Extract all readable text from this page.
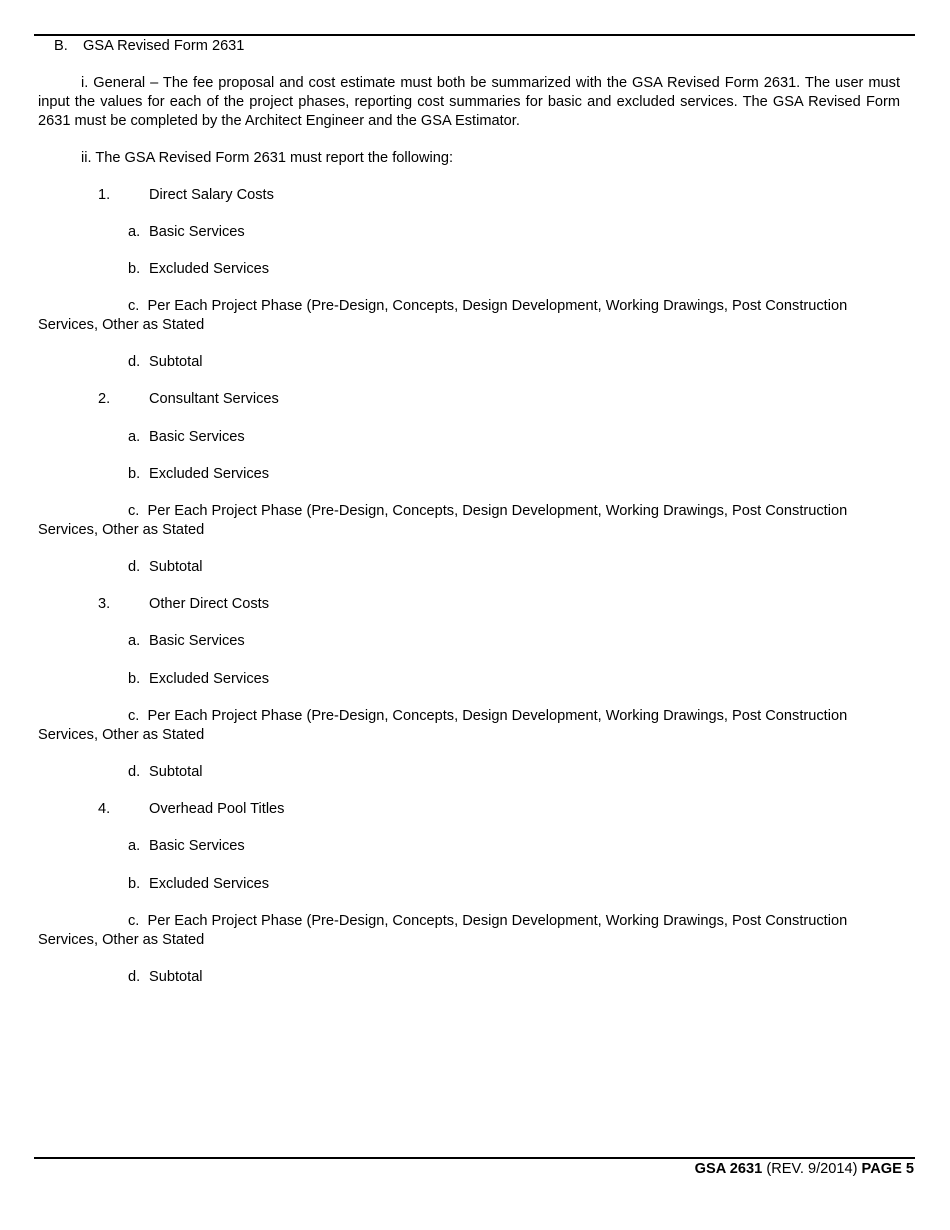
B. GSA Revised Form 2631
i. General – The fee proposal and cost estimate must both be summarized with the GSA Revised Form 2631. The user must input the values for each of the project phases, reporting cost summaries for basic and excluded services. The GSA Revised Form 2631 must be completed by the Architect Engineer and the GSA Estimator.
ii. The GSA Revised Form 2631 must report the following:
1.	Direct Salary Costs
a. Basic Services
b. Excluded Services
c. Per Each Project Phase (Pre-Design, Concepts, Design Development, Working Drawings, Post Construction Services, Other as Stated
d. Subtotal
2.	Consultant Services
a. Basic Services
b. Excluded Services
c. Per Each Project Phase (Pre-Design, Concepts, Design Development, Working Drawings, Post Construction Services, Other as Stated
d. Subtotal
3.	Other Direct Costs
a. Basic Services
b. Excluded Services
c. Per Each Project Phase (Pre-Design, Concepts, Design Development, Working Drawings, Post Construction Services, Other as Stated
d. Subtotal
4.	Overhead Pool Titles
a. Basic Services
b. Excluded Services
c. Per Each Project Phase (Pre-Design, Concepts, Design Development, Working Drawings, Post Construction Services, Other as Stated
d. Subtotal
GSA 2631 (REV. 9/2014) PAGE 5
